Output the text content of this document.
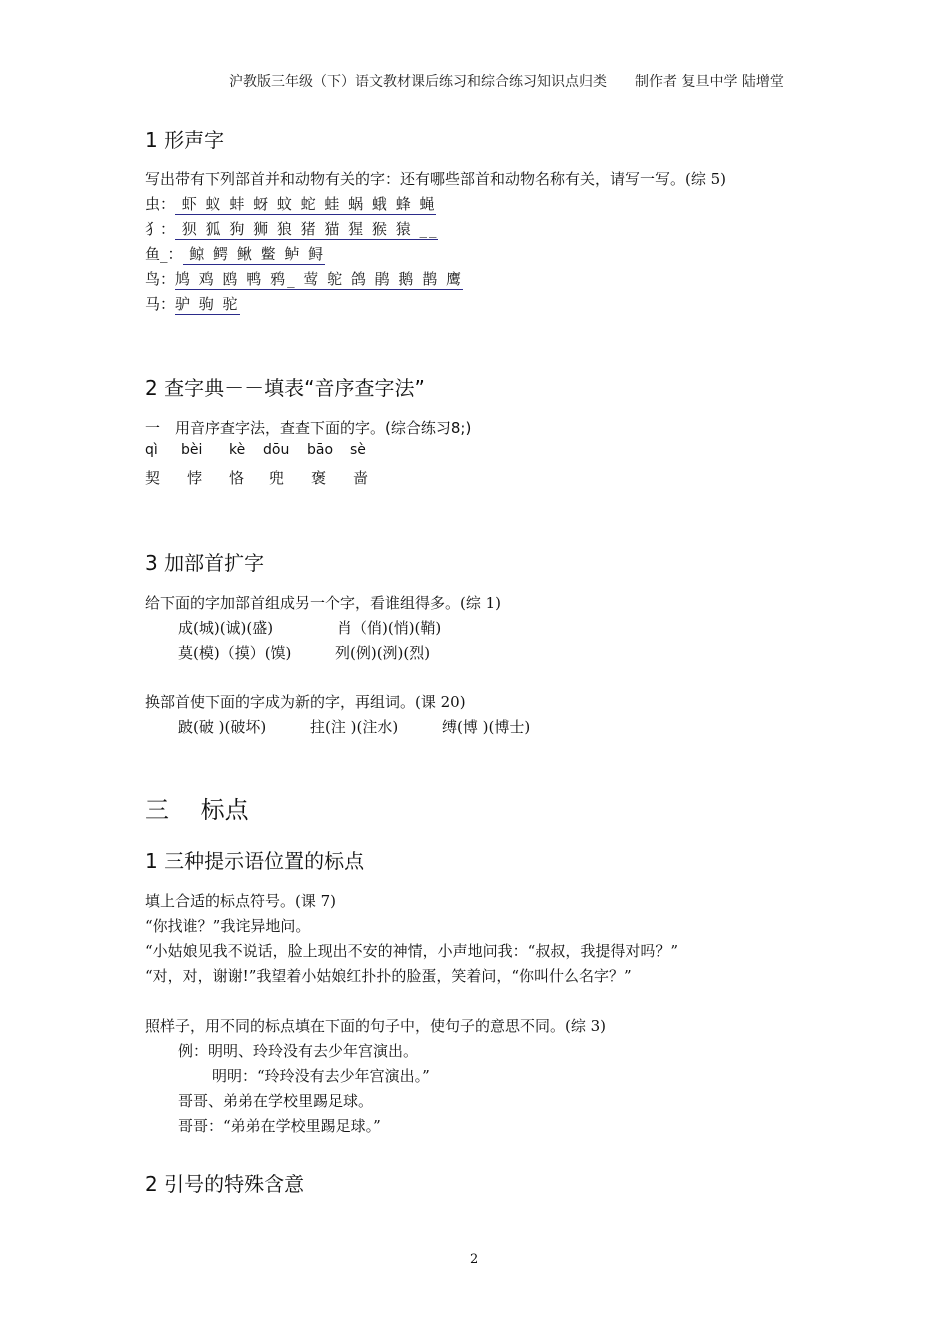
沪教版三年级（下）语文教材课后练习和综合练习知识点归类　　制作者 复旦中学 陆增堂
1 形声字
写出带有下列部首并和动物有关的字：还有哪些部首和动物名称有关，请写一写。(综 5)
虫： 虾 蚁 蚌 蚜 蚊 蛇 蛙 蜗 蛾 蜂 蝇
犭： 狈 狐 狗 狮 狼 猪 猫 猩 猴 猿 __
鱼_： 鲸 鳄 鳅 鳖 鲈 鲟
鸟：鸠 鸡 鸥 鸭 鸦_ 莺 鸵 鸽 鹃 鹅 鹊 鹰
马：驴 驹 驼
2 查字典－－填表“音序查字法”
一　用音序查字法，查查下面的字。(综合练习8;)
qì bèi kè dōu bāo sè
契 悖 恪 兜 褒 啬
3 加部首扩字
给下面的字加部首组成另一个字，看谁组得多。(综 1)
成(城)(诚)(盛)	肖（俏)(悄)(鞘)
莫(模)（摸）(馍)	列(例)(洌)(烈)
换部首使下面的字成为新的字，再组词。(课 20)
跛(破 )(破坏)	拄(注 )(注水)	缚(博 )(博士)
三　 标点
1 三种提示语位置的标点
填上合适的标点符号。(课 7)
“你找谁？”我诧异地问。
“小姑娘见我不说话，脸上现出不安的神情，小声地问我：“叔叔，我提得对吗？”
“对，对，谢谢!”我望着小姑娘红扑扑的脸蛋，笑着问，“你叫什么名字？”
照样子，用不同的标点填在下面的句子中，使句子的意思不同。(综 3)
例：明明、玲玲没有去少年宫演出。
明明：“玲玲没有去少年宫演出。”
哥哥、弟弟在学校里踢足球。
哥哥：“弟弟在学校里踢足球。”
2 引号的特殊含意
2
